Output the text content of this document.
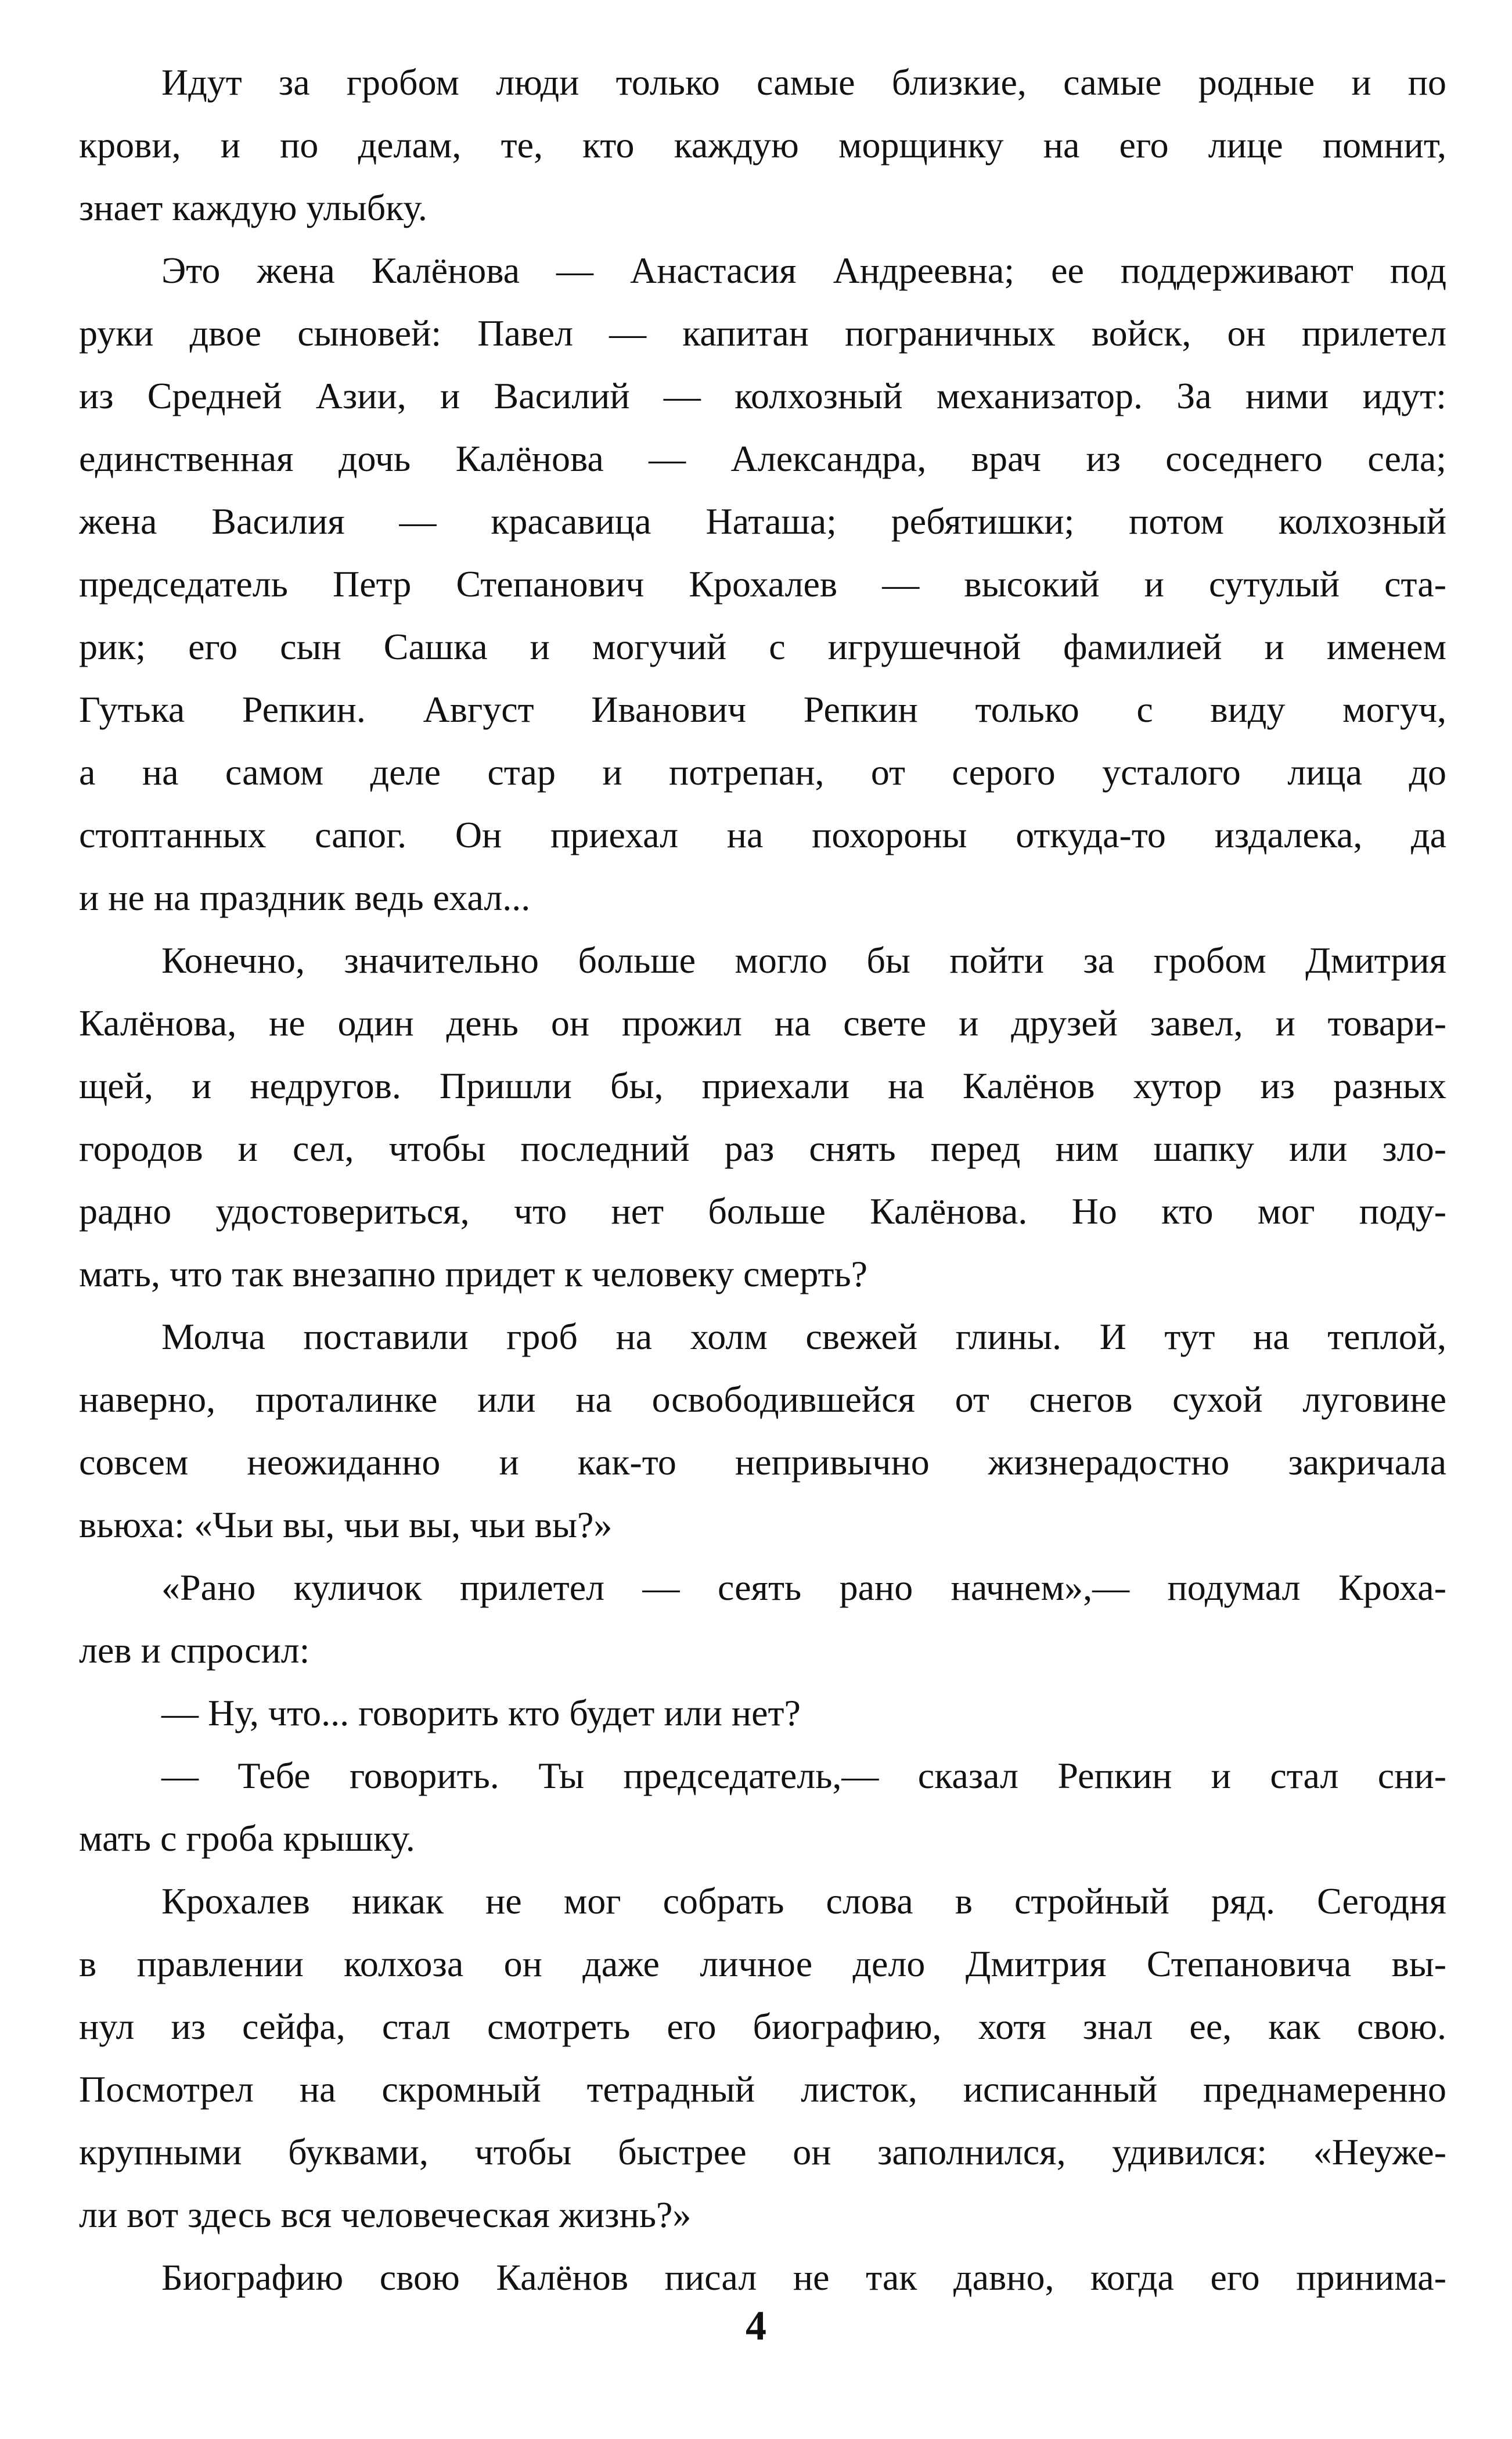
Идут за гробом люди только самые близкие, самые родные и по
крови, и по делам, те, кто каждую морщинку на его лице помнит,
знает каждую улыбку.
Это жена Калёнова — Анастасия Андреевна; ее поддерживают под
руки двое сыновей: Павел — капитан пограничных войск, он прилетел
из Средней Азии, и Василий — колхозный механизатор. За ними идут:
единственная дочь Калёнова — Александра, врач из соседнего села;
жена Василия — красавица Наташа; ребятишки; потом колхозный
председатель Петр Степанович Крохалев — высокий и сутулый ста-
рик; его сын Сашка и могучий с игрушечной фамилией и именем
Гутька Репкин. Август Иванович Репкин только с виду могуч,
а на самом деле стар и потрепан, от серого усталого лица до
стоптанных сапог. Он приехал на похороны откуда-то издалека, да
и не на праздник ведь ехал...
Конечно, значительно больше могло бы пойти за гробом Дмитрия
Калёнова, не один день он прожил на свете и друзей завел, и товари-
щей, и недругов. Пришли бы, приехали на Калёнов хутор из разных
городов и сел, чтобы последний раз снять перед ним шапку или зло-
радно удостовериться, что нет больше Калёнова. Но кто мог поду-
мать, что так внезапно придет к человеку смерть?
Молча поставили гроб на холм свежей глины. И тут на теплой,
наверно, проталинке или на освободившейся от снегов сухой луговине
совсем неожиданно и как-то непривычно жизнерадостно закричала
вьюха: «Чьи вы, чьи вы, чьи вы?»
«Рано куличок прилетел — сеять рано начнем»,— подумал Кроха-
лев и спросил:
— Ну, что... говорить кто будет или нет?
— Тебе говорить. Ты председатель,— сказал Репкин и стал сни-
мать с гроба крышку.
Крохалев никак не мог собрать слова в стройный ряд. Сегодня
в правлении колхоза он даже личное дело Дмитрия Степановича вы-
нул из сейфа, стал смотреть его биографию, хотя знал ее, как свою.
Посмотрел на скромный тетрадный листок, исписанный преднамеренно
крупными буквами, чтобы быстрее он заполнился, удивился: «Неуже-
ли вот здесь вся человеческая жизнь?»
Биографию свою Калёнов писал не так давно, когда его принима-
4
